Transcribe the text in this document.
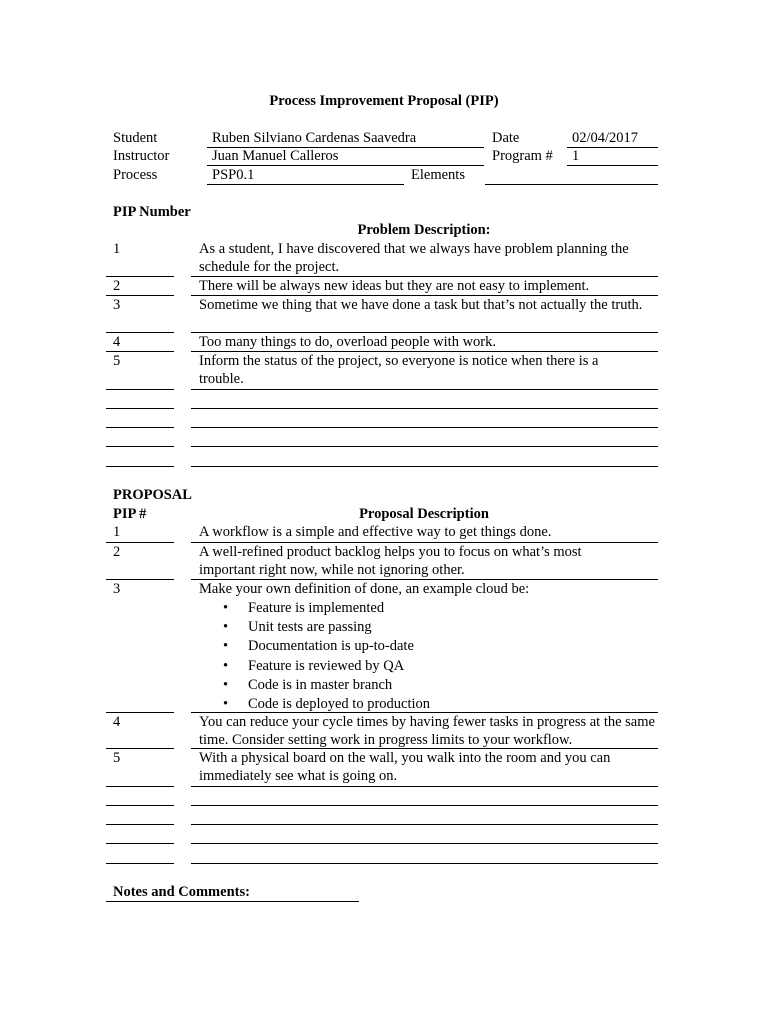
Process Improvement Proposal (PIP)
Student	Ruben Silviano Cardenas Saavedra	Date	02/04/2017
Instructor	Juan Manuel Calleros	Program # 1
Process	PSP0.1	Elements
PIP Number
Problem Description:
1	As a student, I have discovered that we always have problem planning the schedule for the project.
2	There will be always new ideas but they are not easy to implement.
3	Sometime we thing that we have done a task but that’s not actually the truth.
4	Too many things to do, overload people with work.
5	Inform the status of the project, so everyone is notice when there is a trouble.
PROPOSAL
PIP #	Proposal Description
1	A workflow is a simple and effective way to get things done.
2	A well-refined product backlog helps you to focus on what’s most important right now, while not ignoring other.
3	Make your own definition of done, an example cloud be:
• Feature is implemented
• Unit tests are passing
• Documentation is up-to-date
• Feature is reviewed by QA
• Code is in master branch
• Code is deployed to production
4	You can reduce your cycle times by having fewer tasks in progress at the same time. Consider setting work in progress limits to your workflow.
5	With a physical board on the wall, you walk into the room and you can immediately see what is going on.
Notes and Comments:
